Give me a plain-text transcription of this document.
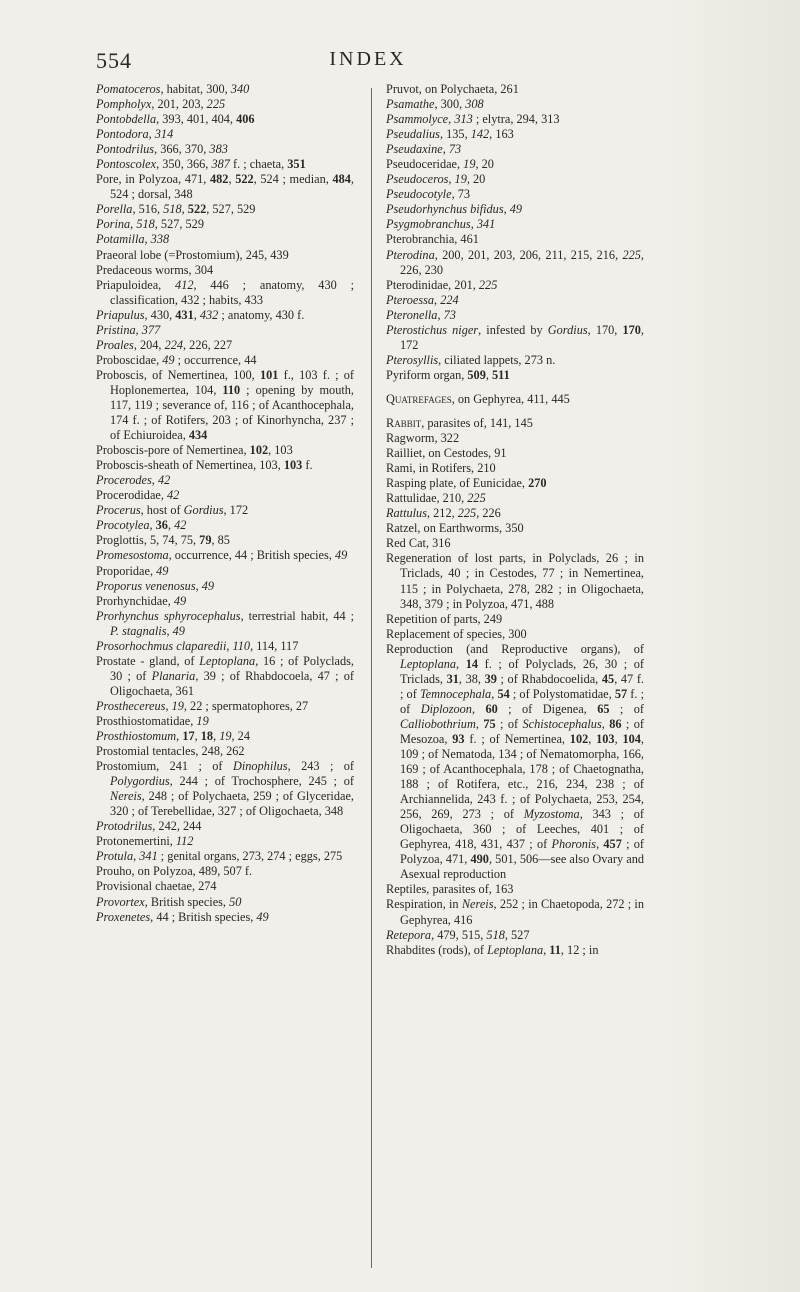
554	INDEX

Pomatoceros, habitat, 300, 340

Pompholyx, 201, 203, 225

Pontobdella, 393, 401, 404, 406

Pontodora, 314

Pontodrilus, 366, 370, 383

Pontoscolex, 350, 366, 387 f. ; chaeta, 351

Pore, in Polyzoa, 471, 482, 522, 524 ; median, 484, 524 ; dorsal, 348

Porella, 516, 518, 522, 527, 529

Porina, 518, 527, 529

Potamilla, 338

Praeoral lobe (=Prostomium), 245, 439

Predaceous worms, 304

Priapuloidea, 412, 446 ; anatomy, 430 ; classification, 432 ; habits, 433

Priapulus, 430, 431, 432 ; anatomy, 430 f.

Pristina, 377

Proales, 204, 224, 226, 227

Proboscidae, 49 ; occurrence, 44

Proboscis, of Nemertinea, 100, 101 f., 103 f. ; of Hoplonemertea, 104, 110 ; opening by mouth, 117, 119 ; severance of, 116 ; of Acanthocephala, 174 f. ; of Rotifers, 203 ; of Kinorhyncha, 237 ; of Echiuroidea, 434

Proboscis-pore of Nemertinea, 102, 103

Proboscis-sheath of Nemertinea, 103, 103 f.

Procerodes, 42

Procerodidae, 42

Procerus, host of Gordius, 172

Procotylea, 36, 42

Proglottis, 5, 74, 75, 79, 85

Promesostoma, occurrence, 44 ; British species, 49

Proporidae, 49

Proporus venenosus, 49

Prorhynchidae, 49

Prorhynchus sphyrocephalus, terrestrial habit, 44 ; P. stagnalis, 49

Prosorhochmus claparedii, 110, 114, 117

Prostate - gland, of Leptoplana, 16 ; of Polyclads, 30 ; of Planaria, 39 ; of Rhabdocoela, 47 ; of Oligochaeta, 361

Prosthecereus, 19, 22 ; spermatophores, 27

Prosthiostomatidae, 19

Prosthiostomum, 17, 18, 19, 24

Prostomial tentacles, 248, 262

Prostomium, 241 ; of Dinophilus, 243 ; of Polygordius, 244 ; of Trochosphere, 245 ; of Nereis, 248 ; of Polychaeta, 259 ; of Glyceridae, 320 ; of Terebellidae, 327 ; of Oligochaeta, 348

Protodrilus, 242, 244

Protonemertini, 112

Protula, 341 ; genital organs, 273, 274 ; eggs, 275

Prouho, on Polyzoa, 489, 507 f.

Provisional chaetae, 274

Provortex, British species, 50

Proxenetes, 44 ; British species, 49

Pruvot, on Polychaeta, 261

Psamathe, 300, 308

Psammolyce, 313 ; elytra, 294, 313

Pseudalius, 135, 142, 163

Pseudaxine, 73

Pseudoceridae, 19, 20

Pseudoceros, 19, 20

Pseudocotyle, 73

Pseudorhynchus bifidus, 49

Psygmobranchus, 341

Pterobranchia, 461

Pterodina, 200, 201, 203, 206, 211, 215, 216, 225, 226, 230

Pterodinidae, 201, 225

Pteroessa, 224

Pteronella, 73

Pterostichus niger, infested by Gordius, 170, 170, 172

Pterosyllis, ciliated lappets, 273 n.

Pyriform organ, 509, 511

Quatrefages, on Gephyrea, 411, 445

Rabbit, parasites of, 141, 145

Ragworm, 322

Railliet, on Cestodes, 91

Rami, in Rotifers, 210

Rasping plate, of Eunicidae, 270

Rattulidae, 210, 225

Rattulus, 212, 225, 226

Ratzel, on Earthworms, 350

Red Cat, 316

Regeneration of lost parts, in Polyclads, 26 ; in Triclads, 40 ; in Cestodes, 77 ; in Nemertinea, 115 ; in Polychaeta, 278, 282 ; in Oligochaeta, 348, 379 ; in Polyzoa, 471, 488

Repetition of parts, 249

Replacement of species, 300

Reproduction (and Reproductive organs), of Leptoplana, 14 f. ; of Polyclads, 26, 30 ; of Triclads, 31, 38, 39 ; of Rhabdocoelida, 45, 47 f. ; of Temnocephala, 54 ; of Polystomatidae, 57 f. ; of Diplozoon, 60 ; of Digenea, 65 ; of Calliobothrium, 75 ; of Schistocephalus, 86 ; of Mesozoa, 93 f. ; of Nemertinea, 102, 103, 104, 109 ; of Nematoda, 134 ; of Nematomorpha, 166, 169 ; of Acanthocephala, 178 ; of Chaetognatha, 188 ; of Rotifera, etc., 216, 234, 238 ; of Archiannelida, 243 f. ; of Polychaeta, 253, 254, 256, 269, 273 ; of Myzostoma, 343 ; of Oligochaeta, 360 ; of Leeches, 401 ; of Gephyrea, 418, 431, 437 ; of Phoronis, 457 ; of Polyzoa, 471, 490, 501, 506—see also Ovary and Asexual reproduction

Reptiles, parasites of, 163

Respiration, in Nereis, 252 ; in Chaetopoda, 272 ; in Gephyrea, 416

Retepora, 479, 515, 518, 527

Rhabdites (rods), of Leptoplana, 11, 12 ; in
